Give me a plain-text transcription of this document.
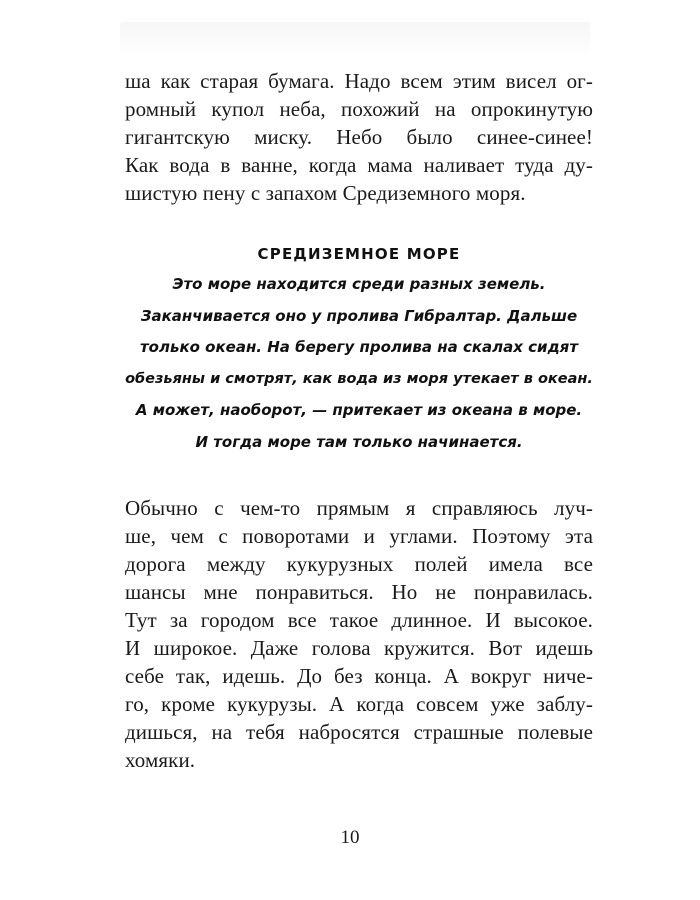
ша как старая бумага. Надо всем этим висел ог-
ромный купол неба, похожий на опрокинутую
гигантскую миску. Небо было синее-синее!
Как вода в ванне, когда мама наливает туда ду-
шистую пену с запахом Средиземного моря.
СРЕДИЗЕМНОЕ МОРЕ
Это море находится среди разных земель.
Заканчивается оно у пролива Гибралтар. Дальше
только океан. На берегу пролива на скалах сидят
обезьяны и смотрят, как вода из моря утекает в океан.
А может, наоборот, — притекает из океана в море.
И тогда море там только начинается.
Обычно с чем-то прямым я справляюсь луч-
ше, чем с поворотами и углами. Поэтому эта
дорога между кукурузных полей имела все
шансы мне понравиться. Но не понравилась.
Тут за городом все такое длинное. И высокое.
И широкое. Даже голова кружится. Вот идешь
себе так, идешь. До без конца. А вокруг ниче-
го, кроме кукурузы. А когда совсем уже заблу-
дишься, на тебя набросятся страшные полевые
хомяки.
10
